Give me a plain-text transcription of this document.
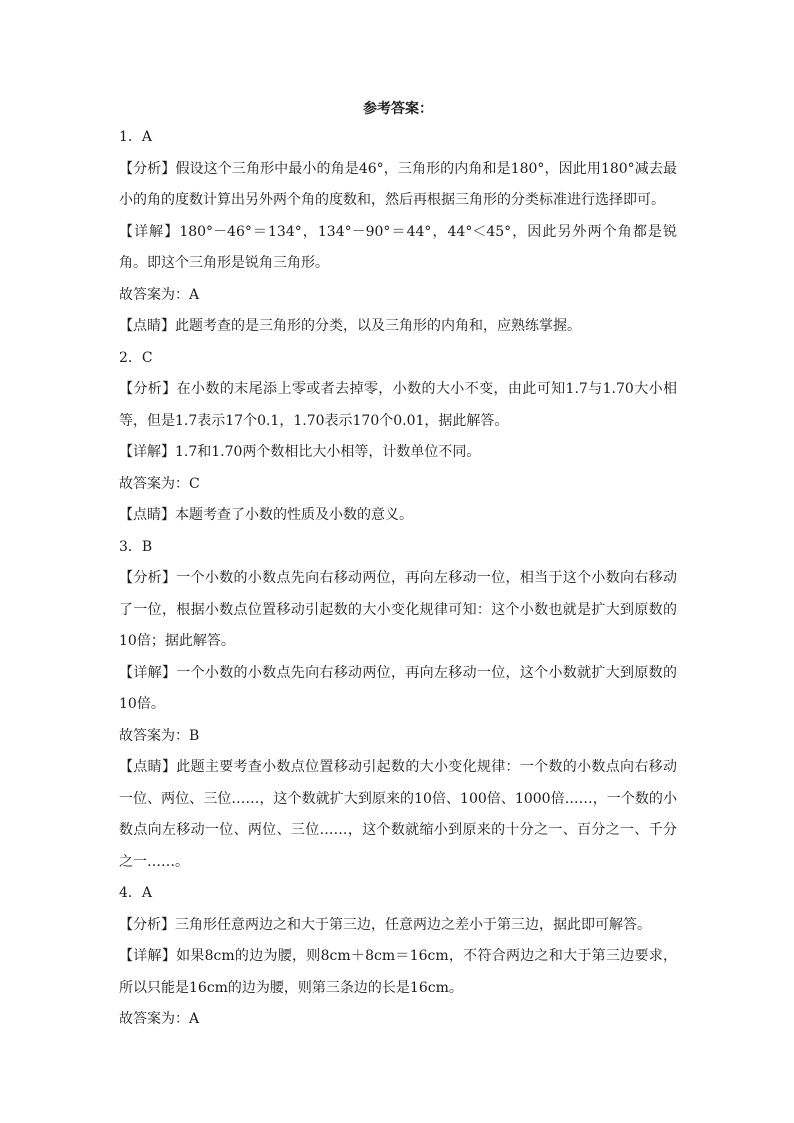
参考答案：
1．A
【分析】假设这个三角形中最小的角是46°，三角形的内角和是180°，因此用180°减去最小的角的度数计算出另外两个角的度数和，然后再根据三角形的分类标准进行选择即可。
【详解】180°－46°＝134°，134°－90°＝44°，44°＜45°，因此另外两个角都是锐角。即这个三角形是锐角三角形。
故答案为：A
【点睛】此题考查的是三角形的分类，以及三角形的内角和，应熟练掌握。
2．C
【分析】在小数的末尾添上零或者去掉零，小数的大小不变，由此可知1.7与1.70大小相等，但是1.7表示17个0.1，1.70表示170个0.01，据此解答。
【详解】1.7和1.70两个数相比大小相等，计数单位不同。
故答案为：C
【点睛】本题考查了小数的性质及小数的意义。
3．B
【分析】一个小数的小数点先向右移动两位，再向左移动一位，相当于这个小数向右移动了一位，根据小数点位置移动引起数的大小变化规律可知：这个小数也就是扩大到原数的10倍；据此解答。
【详解】一个小数的小数点先向右移动两位，再向左移动一位，这个小数就扩大到原数的10倍。
故答案为：B
【点睛】此题主要考查小数点位置移动引起数的大小变化规律：一个数的小数点向右移动一位、两位、三位……，这个数就扩大到原来的10倍、100倍、1000倍……，一个数的小数点向左移动一位、两位、三位……，这个数就缩小到原来的十分之一、百分之一、千分之一……。
4．A
【分析】三角形任意两边之和大于第三边，任意两边之差小于第三边，据此即可解答。
【详解】如果8cm的边为腰，则8cm＋8cm＝16cm，不符合两边之和大于第三边要求，所以只能是16cm的边为腰，则第三条边的长是16cm。
故答案为：A
